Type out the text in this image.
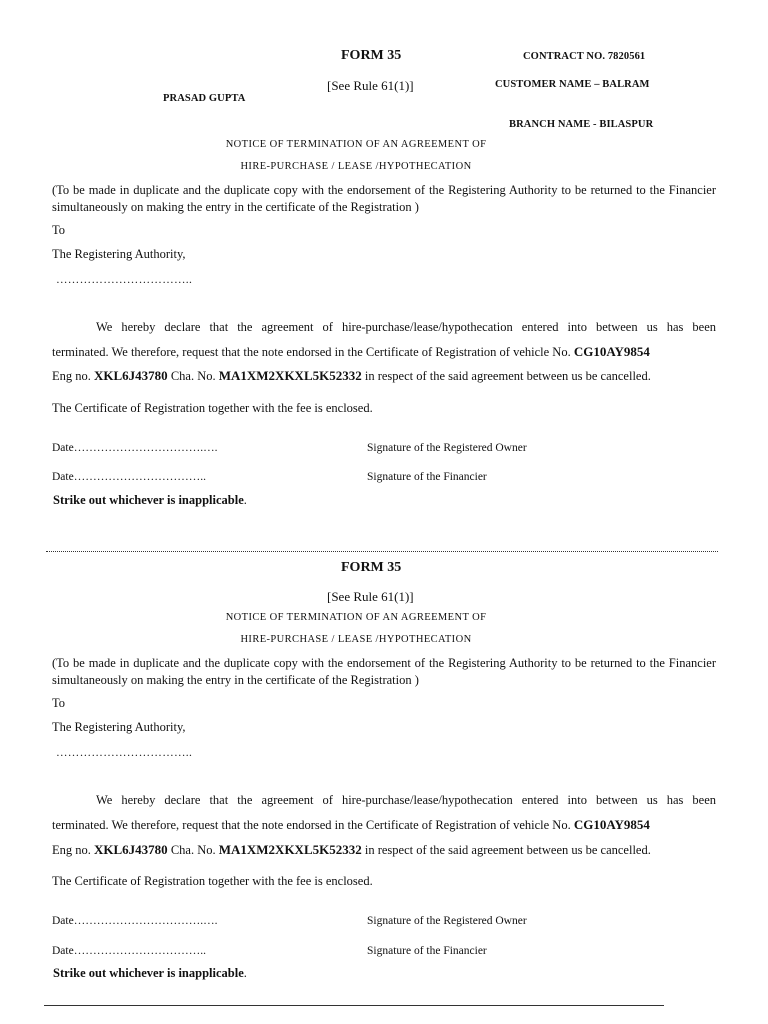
FORM 35	CONTRACT NO. 7820561
[See Rule 61(1)]	CUSTOMER NAME – BALRAM
PRASAD GUPTA
BRANCH NAME - BILASPUR
NOTICE OF TERMINATION OF AN AGREEMENT OF
HIRE-PURCHASE / LEASE /HYPOTHECATION
(To be made in duplicate and the duplicate copy with the endorsement of the Registering Authority to be returned to the Financier simultaneously on making the entry in the certificate of the Registration )
To
The Registering Authority,
……………………………..
We hereby declare that the agreement of hire-purchase/lease/hypothecation entered into between us has been
terminated. We therefore, request that the note endorsed in the Certificate of Registration of vehicle No. CG10AY9854
Eng no. XKL6J43780 Cha. No. MA1XM2XKXL5K52332 in respect of the said agreement between us be cancelled.
The Certificate of Registration together with the fee is enclosed.
Date…………………………….….	Signature of the Registered Owner
Date……………………………..	Signature of the Financier
Strike out whichever is inapplicable.
FORM 35
[See Rule 61(1)]
NOTICE OF TERMINATION OF AN AGREEMENT OF
HIRE-PURCHASE / LEASE /HYPOTHECATION
(To be made in duplicate and the duplicate copy with the endorsement of the Registering Authority to be returned to the Financier simultaneously on making the entry in the certificate of the Registration )
To
The Registering Authority,
……………………………..
We hereby declare that the agreement of hire-purchase/lease/hypothecation entered into between us has been
terminated. We therefore, request that the note endorsed in the Certificate of Registration of vehicle No. CG10AY9854
Eng no. XKL6J43780 Cha. No. MA1XM2XKXL5K52332 in respect of the said agreement between us be cancelled.
The Certificate of Registration together with the fee is enclosed.
Date…………………………….….	Signature of the Registered Owner
Date……………………………..	Signature of the Financier
Strike out whichever is inapplicable.
